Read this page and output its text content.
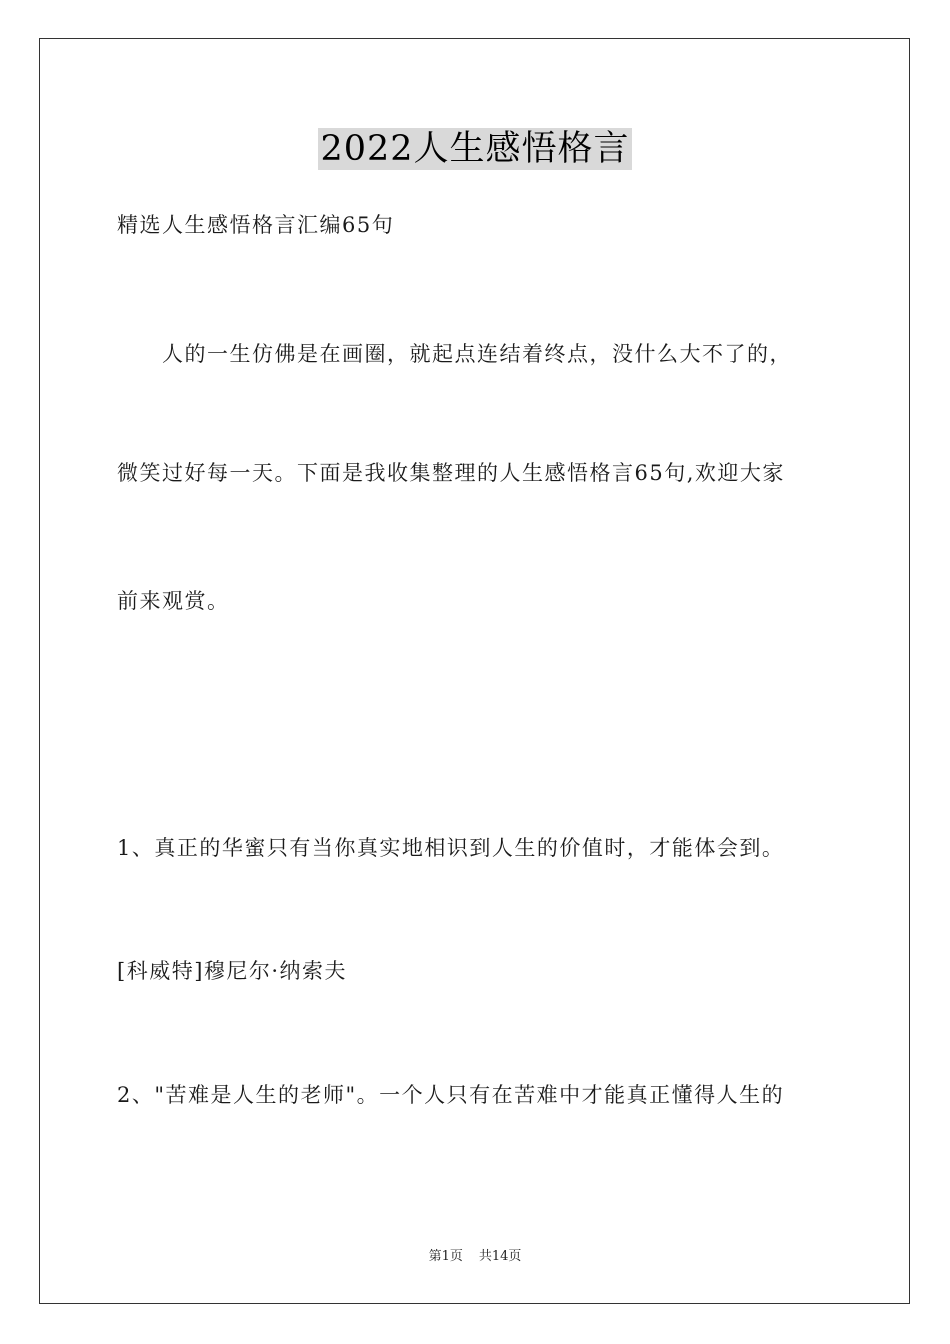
2022人生感悟格言
精选人生感悟格言汇编65句
人的一生仿佛是在画圈，就起点连结着终点，没什么大不了的，
微笑过好每一天。下面是我收集整理的人生感悟格言65句,欢迎大家
前来观赏。
1、真正的华蜜只有当你真实地相识到人生的价值时，才能体会到。
[科威特]穆尼尔·纳索夫
2、"苦难是人生的老师"。一个人只有在苦难中才能真正懂得人生的
第1页 共14页
